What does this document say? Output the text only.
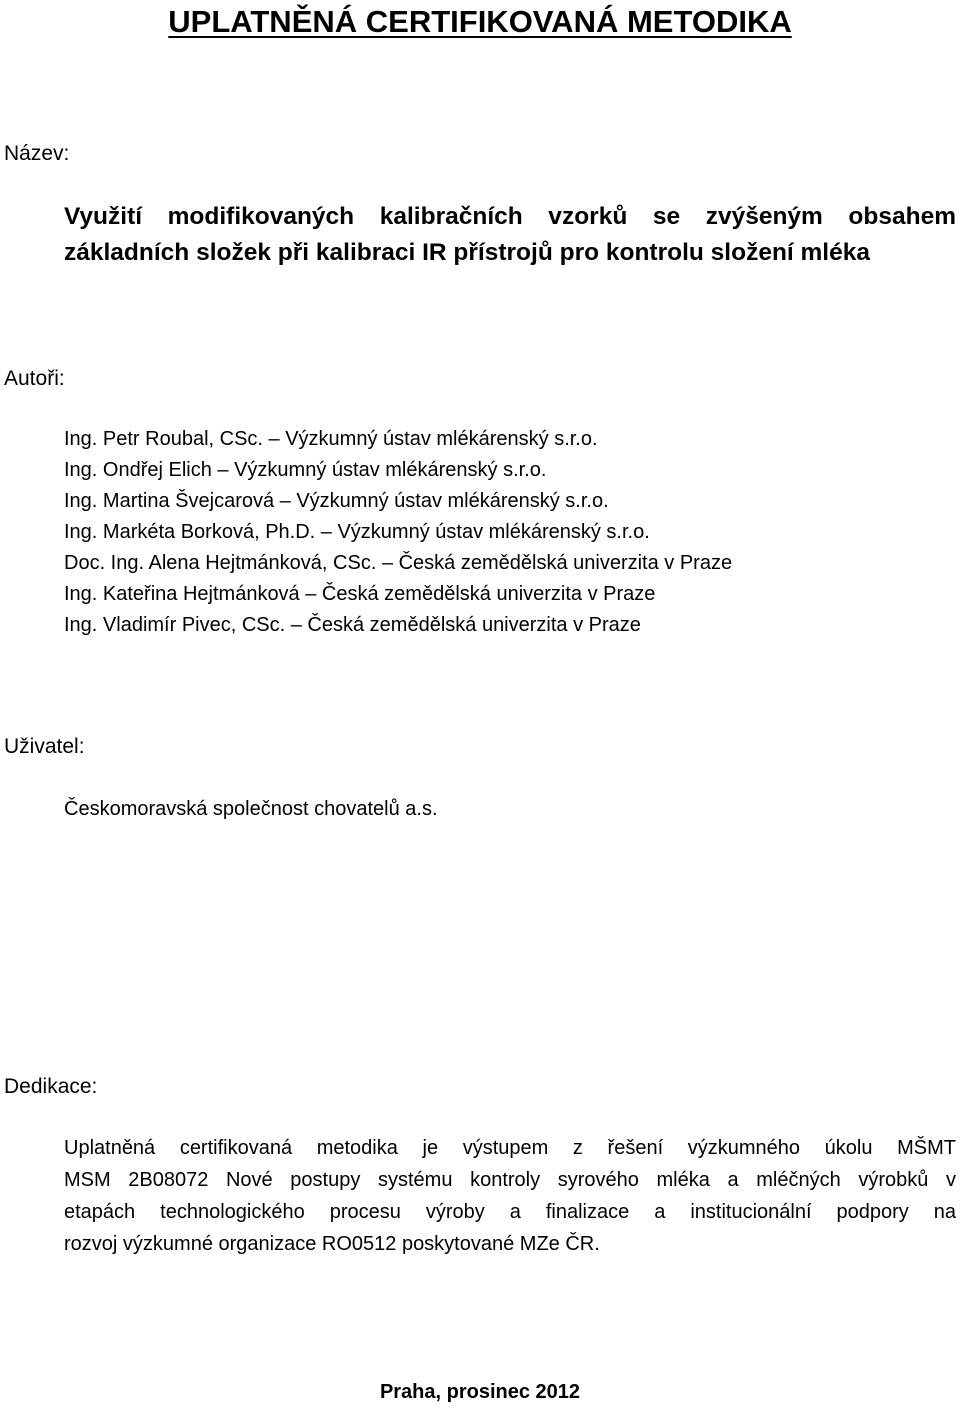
UPLATNĚNÁ CERTIFIKOVANÁ METODIKA
Název:
Využití modifikovaných kalibračních vzorků se zvýšeným obsahem
základních složek při kalibraci IR přístrojů pro kontrolu složení mléka
Autoři:
Ing. Petr Roubal, CSc. – Výzkumný ústav mlékárenský s.r.o.
Ing. Ondřej Elich – Výzkumný ústav mlékárenský s.r.o.
Ing. Martina Švejcarová – Výzkumný ústav mlékárenský s.r.o.
Ing. Markéta Borková, Ph.D. – Výzkumný ústav mlékárenský s.r.o.
Doc. Ing. Alena Hejtmánková, CSc. – Česká zemědělská univerzita v Praze
Ing. Kateřina Hejtmánková – Česká zemědělská univerzita v Praze
Ing. Vladimír Pivec, CSc. – Česká zemědělská univerzita v Praze
Uživatel:
Českomoravská společnost chovatelů a.s.
Dedikace:
Uplatněná certifikovaná metodika je výstupem z řešení výzkumného úkolu MŠMT
MSM 2B08072 Nové postupy systému kontroly syrového mléka a mléčných výrobků v
etapách technologického procesu výroby a finalizace a institucionální podpory na
rozvoj výzkumné organizace RO0512 poskytované MZe ČR.
Praha, prosinec 2012
